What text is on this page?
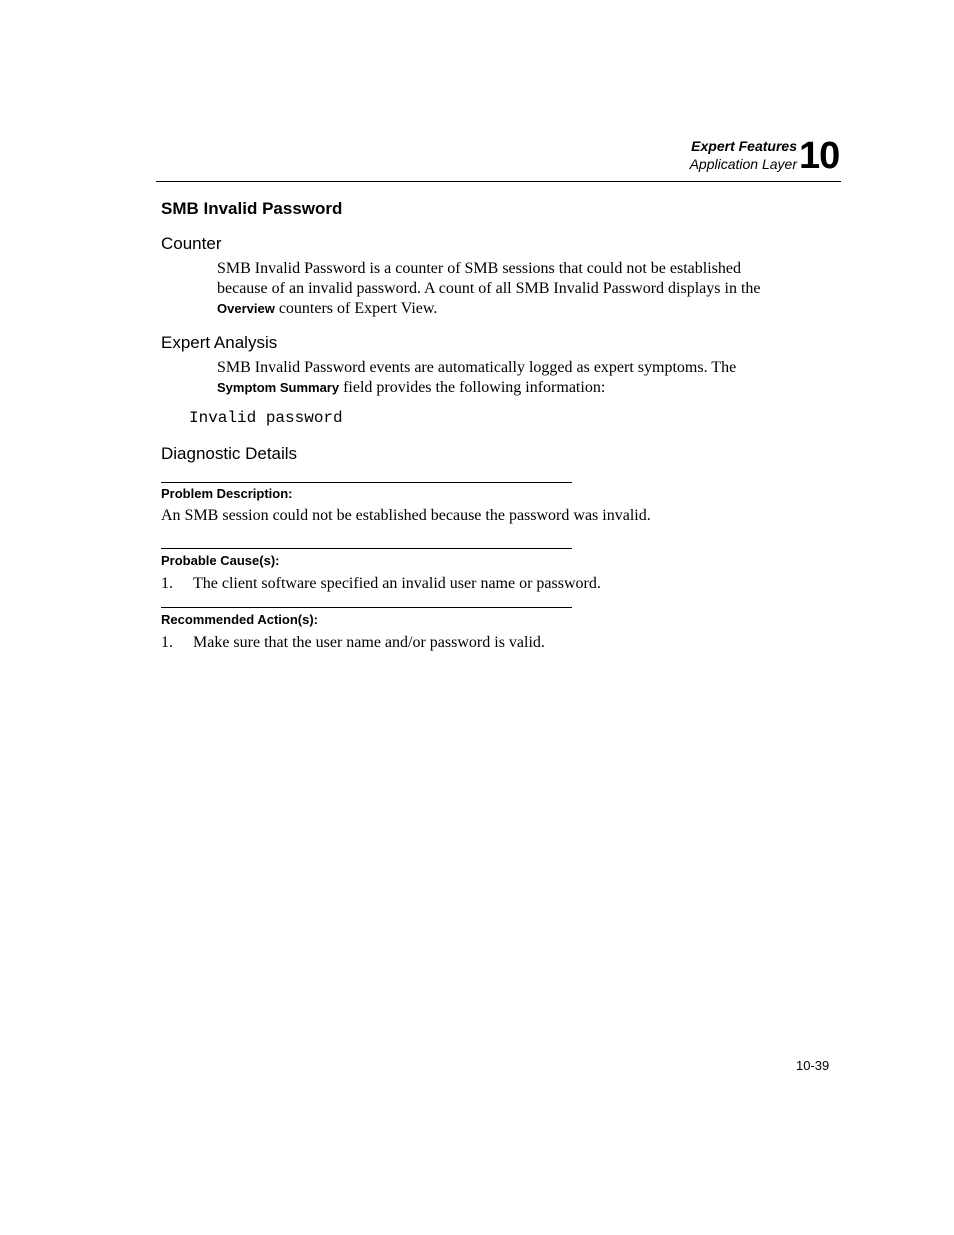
Expert Features
Application Layer 10
SMB Invalid Password
Counter
SMB Invalid Password is a counter of SMB sessions that could not be established because of an invalid password. A count of all SMB Invalid Password displays in the Overview counters of Expert View.
Expert Analysis
SMB Invalid Password events are automatically logged as expert symptoms. The Symptom Summary field provides the following information:
Invalid password
Diagnostic Details
Problem Description:
An SMB session could not be established because the password was invalid.
Probable Cause(s):
1. The client software specified an invalid user name or password.
Recommended Action(s):
1. Make sure that the user name and/or password is valid.
10-39
